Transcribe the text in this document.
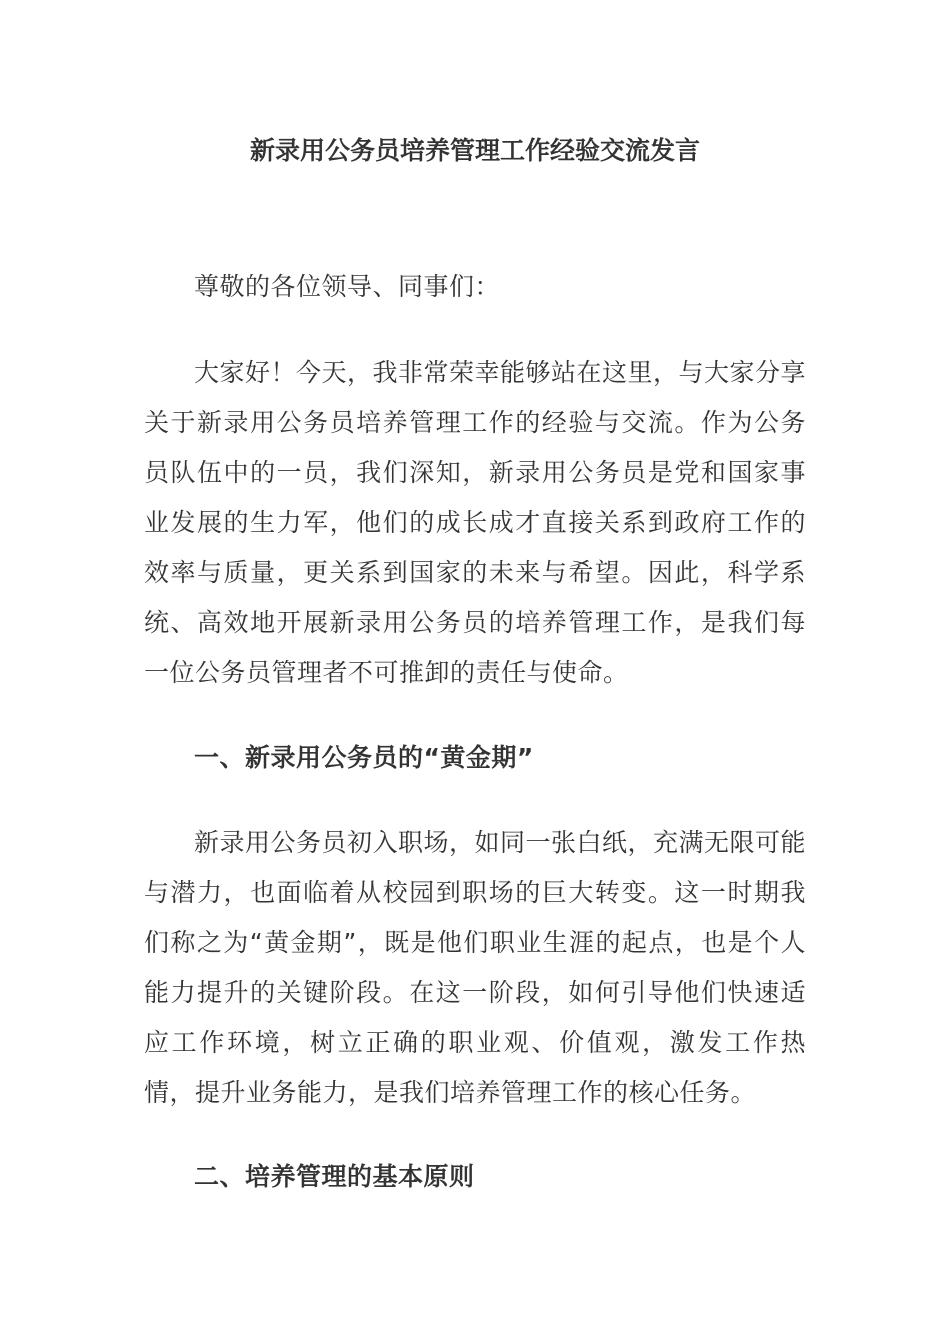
新录用公务员培养管理工作经验交流发言

尊敬的各位领导、同事们：

大家好！今天，我非常荣幸能够站在这里，与大家分享关于新录用公务员培养管理工作的经验与交流。作为公务员队伍中的一员，我们深知，新录用公务员是党和国家事业发展的生力军，他们的成长成才直接关系到政府工作的效率与质量，更关系到国家的未来与希望。因此，科学系统、高效地开展新录用公务员的培养管理工作，是我们每一位公务员管理者不可推卸的责任与使命。

一、新录用公务员的“黄金期”

新录用公务员初入职场，如同一张白纸，充满无限可能与潜力，也面临着从校园到职场的巨大转变。这一时期我们称之为“黄金期”，既是他们职业生涯的起点，也是个人能力提升的关键阶段。在这一阶段，如何引导他们快速适应工作环境，树立正确的职业观、价值观，激发工作热情，提升业务能力，是我们培养管理工作的核心任务。

二、培养管理的基本原则
